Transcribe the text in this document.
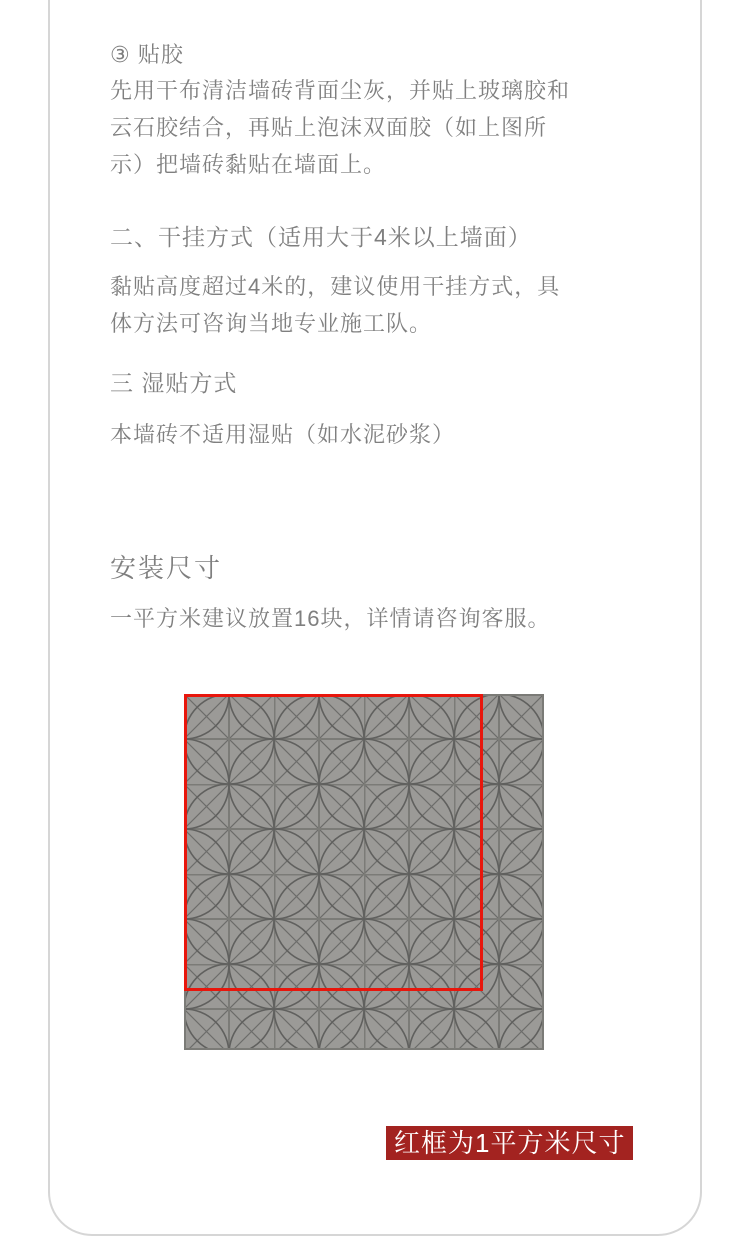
③ 贴胶
先用干布清洁墙砖背面尘灰，并贴上玻璃胶和云石胶结合，再贴上泡沫双面胶（如上图所示）把墙砖黏贴在墙面上。
二、干挂方式（适用大于4米以上墙面）
黏贴高度超过4米的，建议使用干挂方式，具体方法可咨询当地专业施工队。
三 湿贴方式
本墙砖不适用湿贴（如水泥砂浆）
安装尺寸
一平方米建议放置16块，详情请咨询客服。
红框为1平方米尺寸
